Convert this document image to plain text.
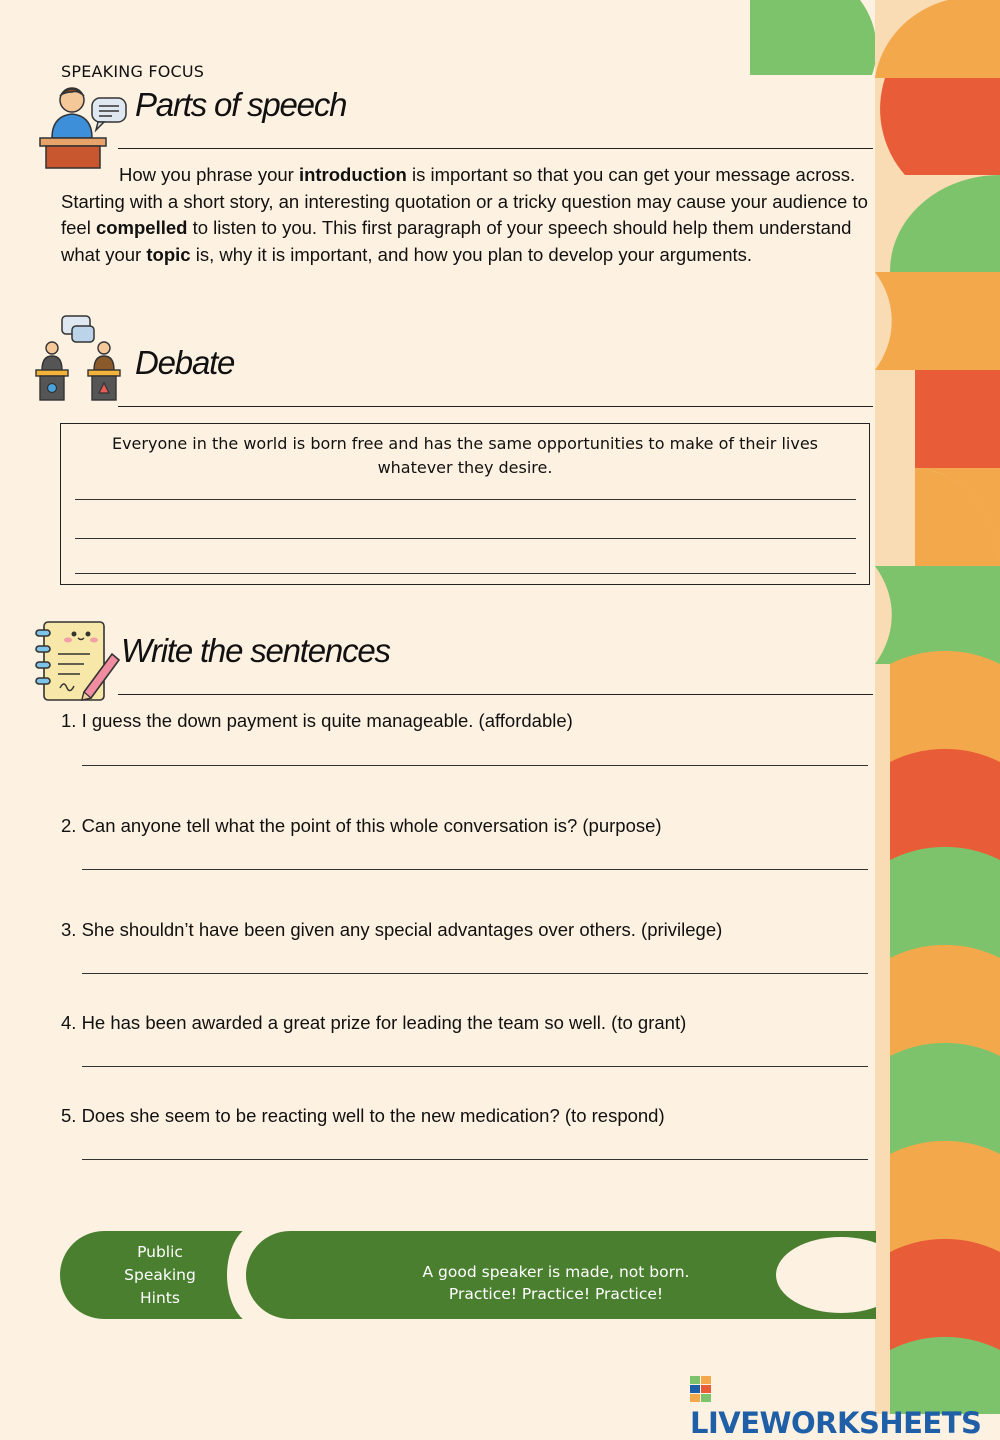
SPEAKING FOCUS
Parts of speech
How you phrase your introduction is important so that you can get your message across. Starting with a short story, an interesting quotation or a tricky question may cause your audience to feel compelled to listen to you. This first paragraph of your speech should help them understand what your topic is, why it is important, and how you plan to develop your arguments.
Debate
Everyone in the world is born free and has the same opportunities to make of their lives whatever they desire.
Write the sentences
1. I guess the down payment is quite manageable. (affordable)
2. Can anyone tell what the point of this whole conversation is? (purpose)
3. She shouldn’t have been given any special advantages over others. (privilege)
4. He has been awarded a great prize for leading the team so well. (to grant)
5. Does she seem to be reacting well to the new medication? (to respond)
Public
Speaking
Hints
A good speaker is made, not born.
Practice! Practice! Practice!
LIVEWORKSHEETS
